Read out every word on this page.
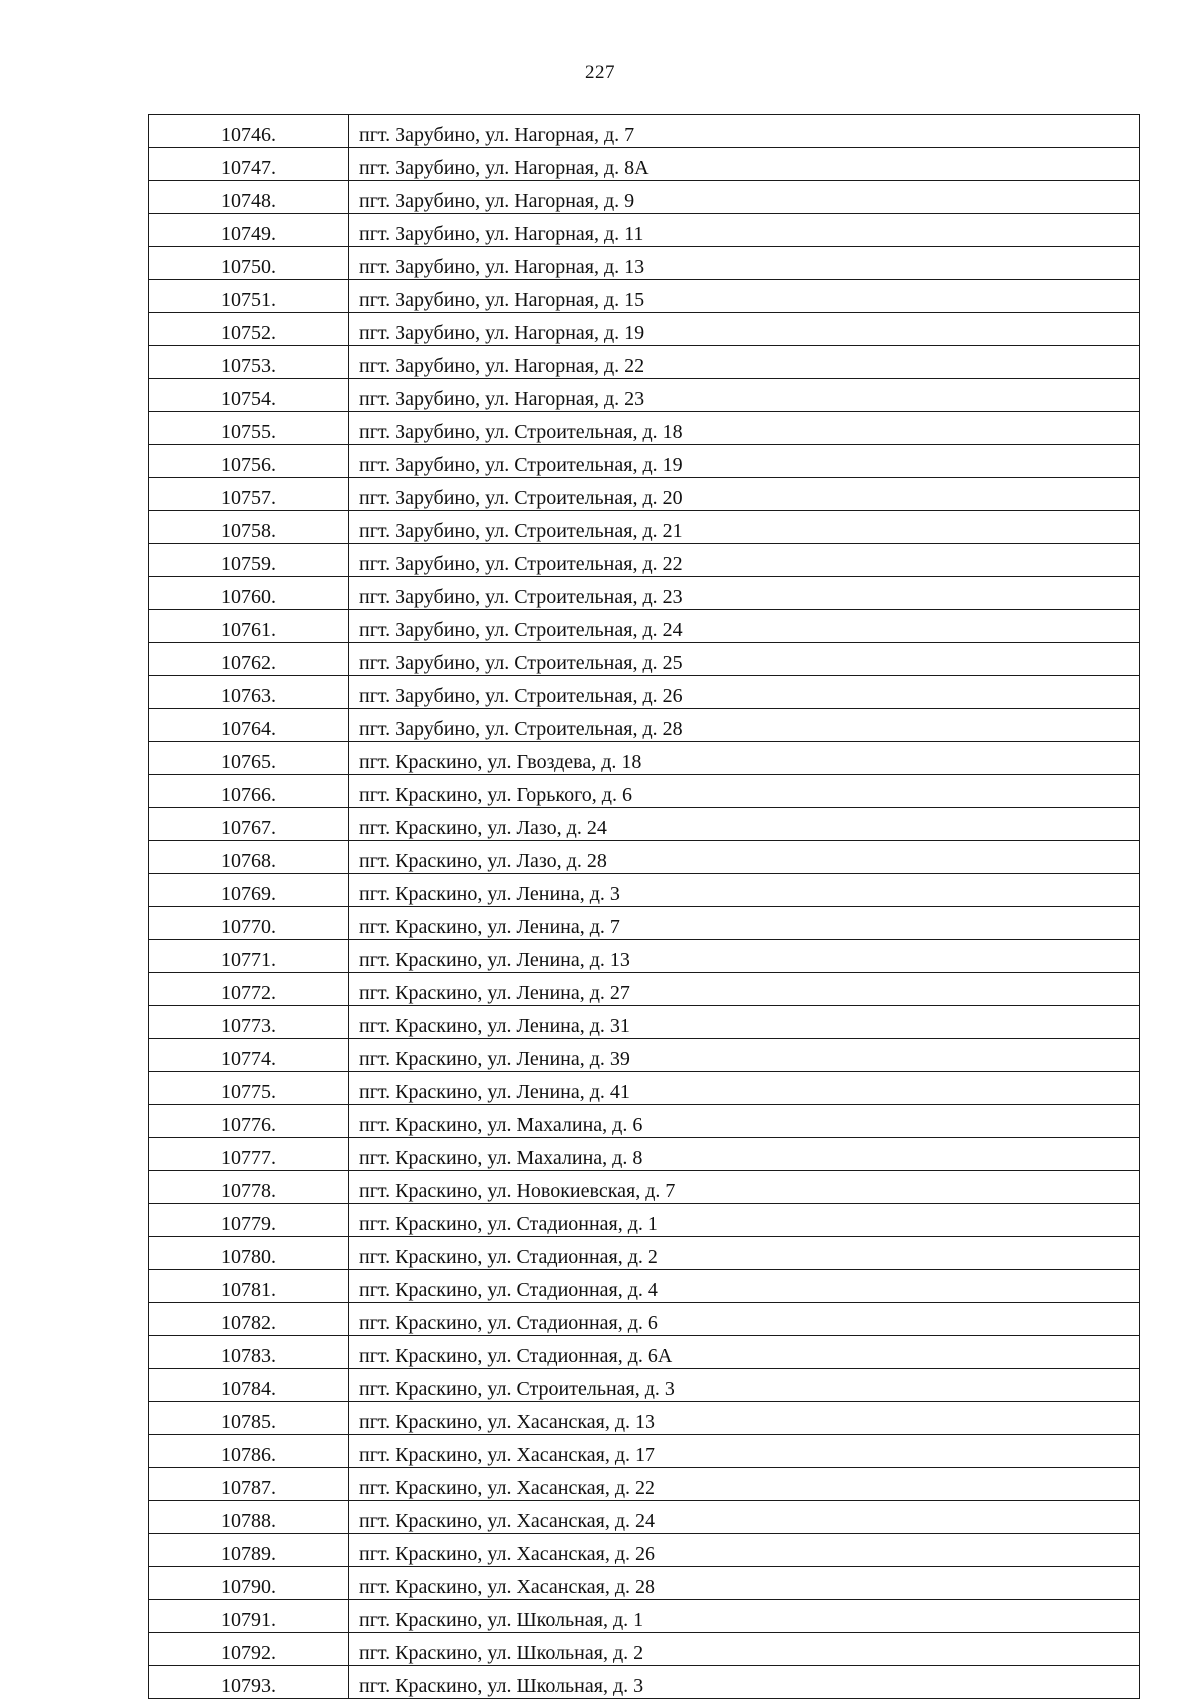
227
10746.	пгт. Зарубино, ул. Нагорная, д. 7
10747.	пгт. Зарубино, ул. Нагорная, д. 8А
10748.	пгт. Зарубино, ул. Нагорная, д. 9
10749.	пгт. Зарубино, ул. Нагорная, д. 11
10750.	пгт. Зарубино, ул. Нагорная, д. 13
10751.	пгт. Зарубино, ул. Нагорная, д. 15
10752.	пгт. Зарубино, ул. Нагорная, д. 19
10753.	пгт. Зарубино, ул. Нагорная, д. 22
10754.	пгт. Зарубино, ул. Нагорная, д. 23
10755.	пгт. Зарубино, ул. Строительная, д. 18
10756.	пгт. Зарубино, ул. Строительная, д. 19
10757.	пгт. Зарубино, ул. Строительная, д. 20
10758.	пгт. Зарубино, ул. Строительная, д. 21
10759.	пгт. Зарубино, ул. Строительная, д. 22
10760.	пгт. Зарубино, ул. Строительная, д. 23
10761.	пгт. Зарубино, ул. Строительная, д. 24
10762.	пгт. Зарубино, ул. Строительная, д. 25
10763.	пгт. Зарубино, ул. Строительная, д. 26
10764.	пгт. Зарубино, ул. Строительная, д. 28
10765.	пгт. Краскино, ул. Гвоздева, д. 18
10766.	пгт. Краскино, ул. Горького, д. 6
10767.	пгт. Краскино, ул. Лазо, д. 24
10768.	пгт. Краскино, ул. Лазо, д. 28
10769.	пгт. Краскино, ул. Ленина, д. 3
10770.	пгт. Краскино, ул. Ленина, д. 7
10771.	пгт. Краскино, ул. Ленина, д. 13
10772.	пгт. Краскино, ул. Ленина, д. 27
10773.	пгт. Краскино, ул. Ленина, д. 31
10774.	пгт. Краскино, ул. Ленина, д. 39
10775.	пгт. Краскино, ул. Ленина, д. 41
10776.	пгт. Краскино, ул. Махалина, д. 6
10777.	пгт. Краскино, ул. Махалина, д. 8
10778.	пгт. Краскино, ул. Новокиевская, д. 7
10779.	пгт. Краскино, ул. Стадионная, д. 1
10780.	пгт. Краскино, ул. Стадионная, д. 2
10781.	пгт. Краскино, ул. Стадионная, д. 4
10782.	пгт. Краскино, ул. Стадионная, д. 6
10783.	пгт. Краскино, ул. Стадионная, д. 6А
10784.	пгт. Краскино, ул. Строительная, д. 3
10785.	пгт. Краскино, ул. Хасанская, д. 13
10786.	пгт. Краскино, ул. Хасанская, д. 17
10787.	пгт. Краскино, ул. Хасанская, д. 22
10788.	пгт. Краскино, ул. Хасанская, д. 24
10789.	пгт. Краскино, ул. Хасанская, д. 26
10790.	пгт. Краскино, ул. Хасанская, д. 28
10791.	пгт. Краскино, ул. Школьная, д. 1
10792.	пгт. Краскино, ул. Школьная, д. 2
10793.	пгт. Краскино, ул. Школьная, д. 3
